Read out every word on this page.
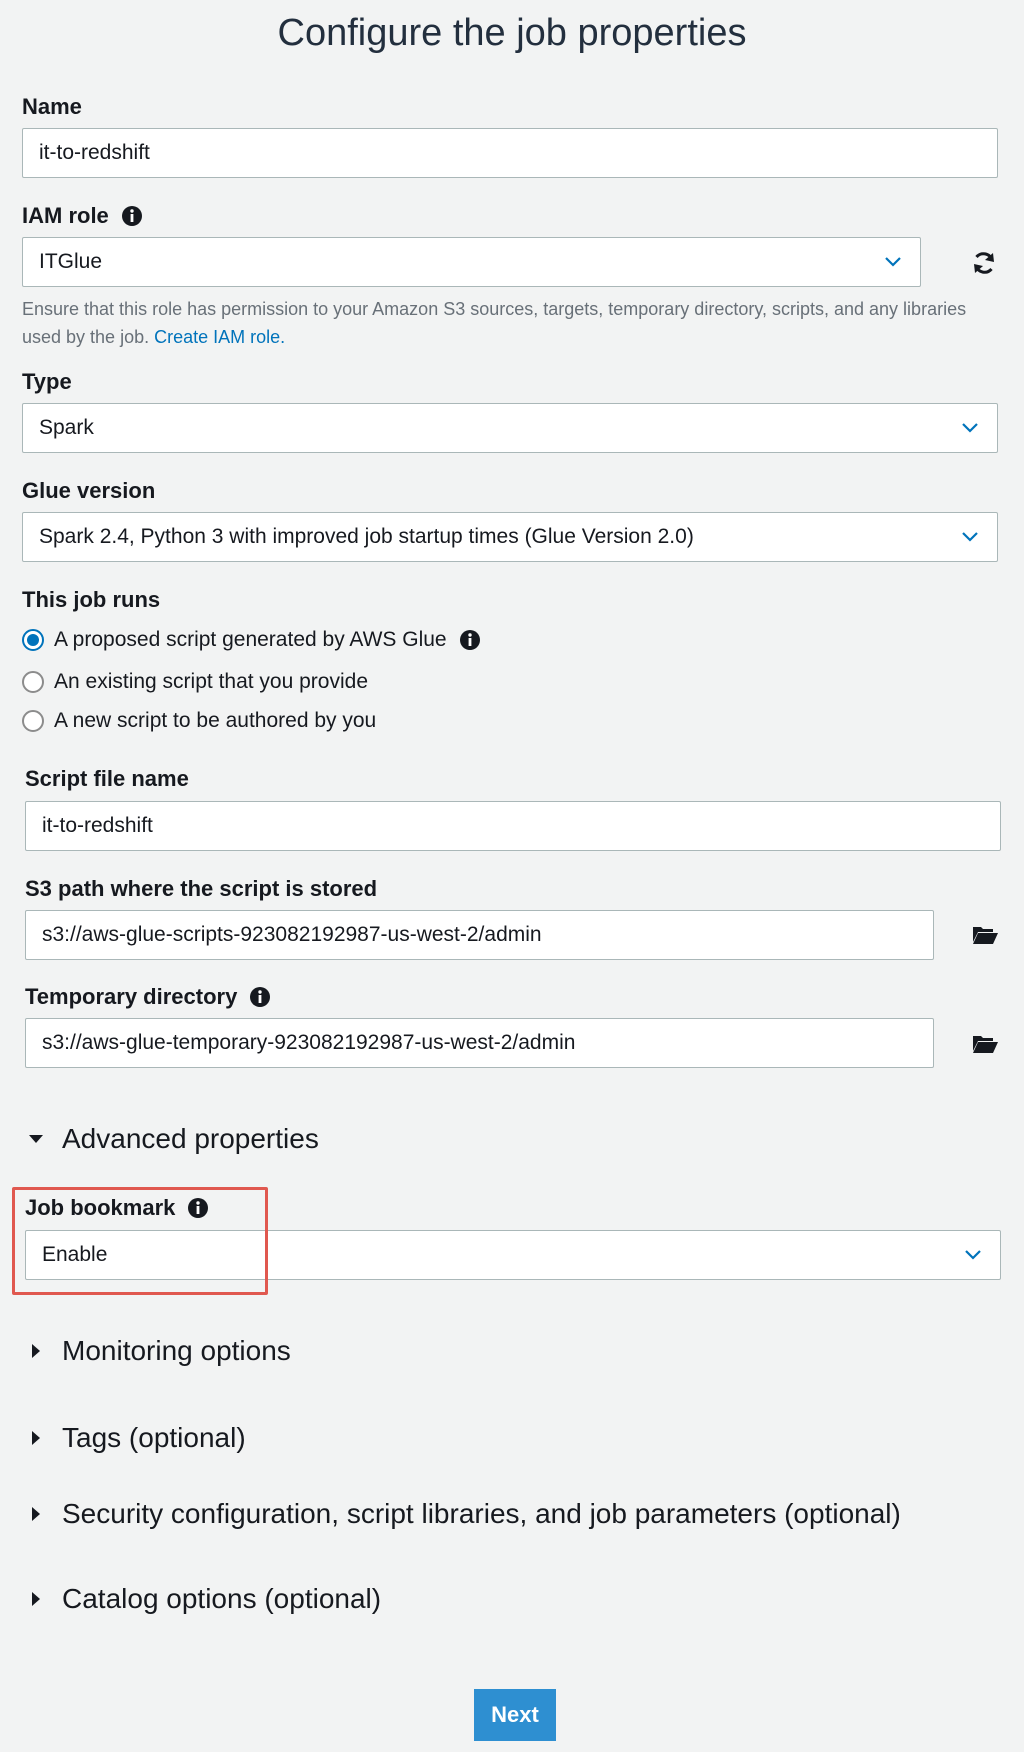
Configure the job properties
Name
it-to-redshift
IAM role
ITGlue
Ensure that this role has permission to your Amazon S3 sources, targets, temporary directory, scripts, and any libraries used by the job. Create IAM role.
Type
Spark
Glue version
Spark 2.4, Python 3 with improved job startup times (Glue Version 2.0)
This job runs
A proposed script generated by AWS Glue
An existing script that you provide
A new script to be authored by you
Script file name
it-to-redshift
S3 path where the script is stored
s3://aws-glue-scripts-923082192987-us-west-2/admin
Temporary directory
s3://aws-glue-temporary-923082192987-us-west-2/admin
Advanced properties
Job bookmark
Enable
Monitoring options
Tags (optional)
Security configuration, script libraries, and job parameters (optional)
Catalog options (optional)
Next
